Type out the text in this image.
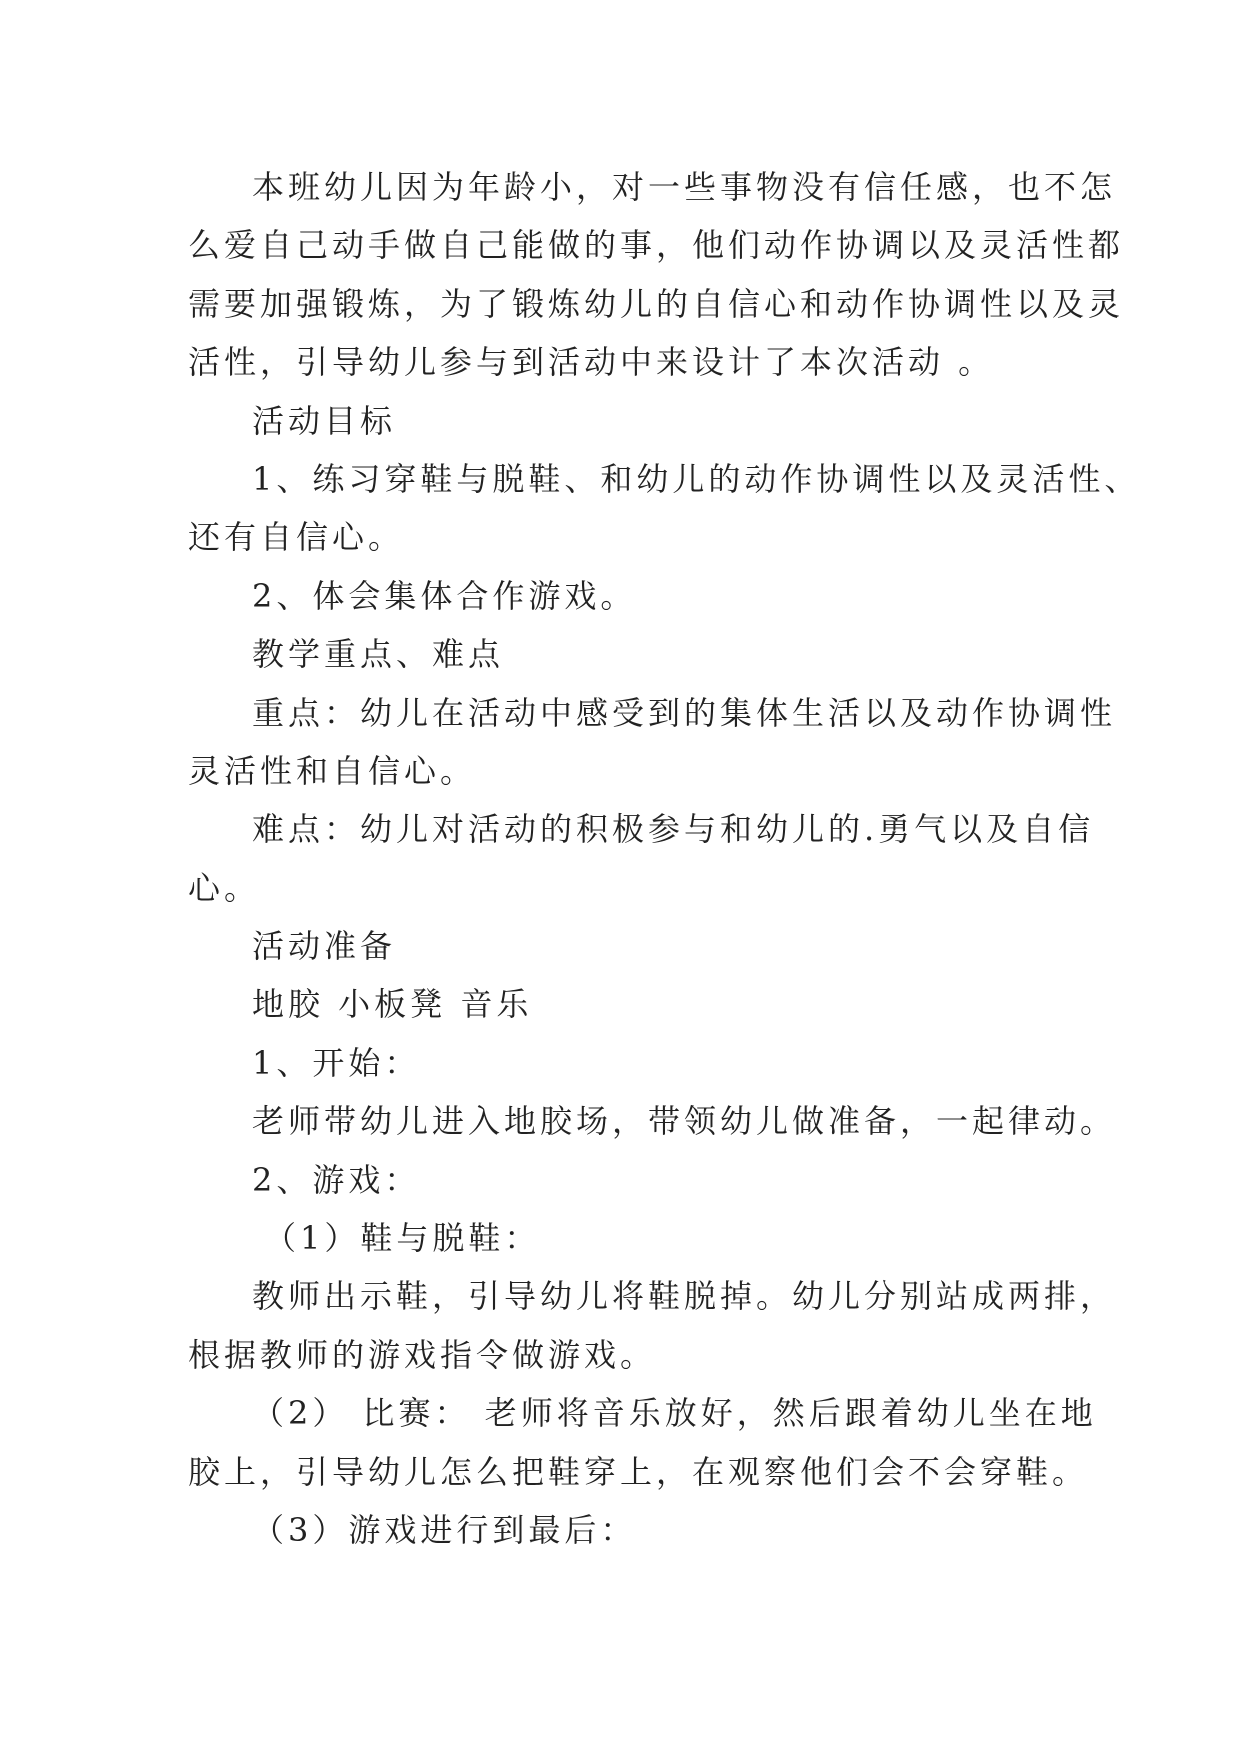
本班幼儿因为年龄小，对一些事物没有信任感，也不怎
么爱自己动手做自己能做的事，他们动作协调以及灵活性都
需要加强锻炼，为了锻炼幼儿的自信心和动作协调性以及灵
活性，引导幼儿参与到活动中来设计了本次活动 。
活动目标
1、练习穿鞋与脱鞋、和幼儿的动作协调性以及灵活性、
还有自信心。
2、体会集体合作游戏。
教学重点、难点
重点：幼儿在活动中感受到的集体生活以及动作协调性
灵活性和自信心。
难点：幼儿对活动的积极参与和幼儿的.勇气以及自信
心。
活动准备
地胶 小板凳 音乐
1、开始：
老师带幼儿进入地胶场，带领幼儿做准备，一起律动。
2、游戏：
（1）鞋与脱鞋：
教师出示鞋，引导幼儿将鞋脱掉。幼儿分别站成两排，
根据教师的游戏指令做游戏。
（2） 比赛： 老师将音乐放好，然后跟着幼儿坐在地
胶上，引导幼儿怎么把鞋穿上，在观察他们会不会穿鞋。
（3）游戏进行到最后：
